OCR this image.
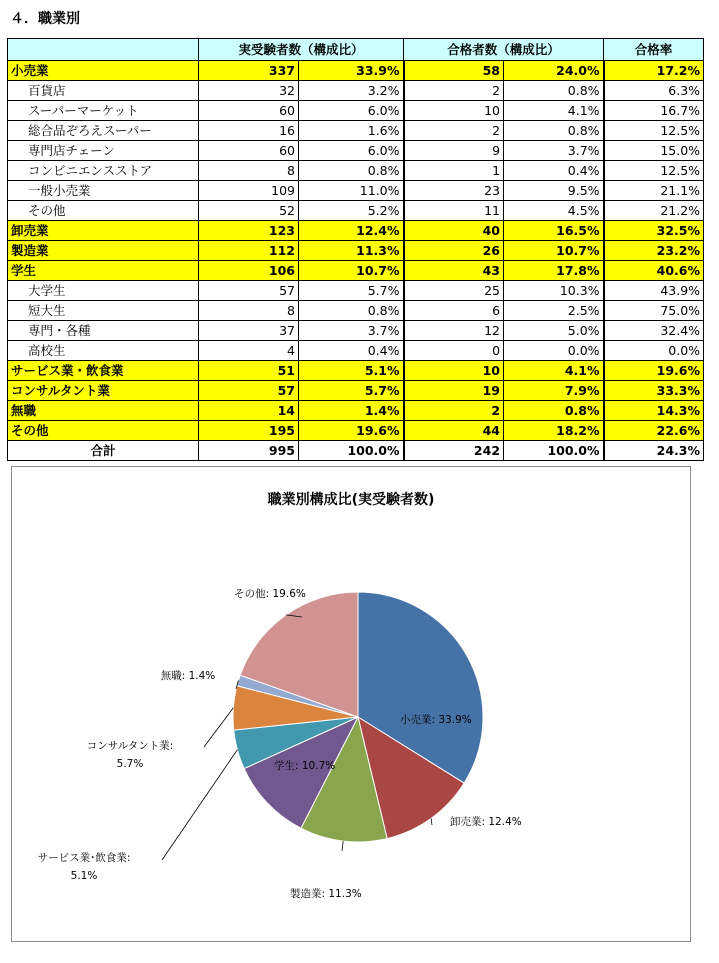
４．職業別
	実受験者数（構成比）		合格者数（構成比）		合格率
小売業	337	33.9%	58	24.0%	17.2%
百貨店	32	3.2%	2	0.8%	6.3%
スーパーマーケット	60	6.0%	10	4.1%	16.7%
総合品ぞろえスーパー	16	1.6%	2	0.8%	12.5%
専門店チェーン	60	6.0%	9	3.7%	15.0%
コンビニエンスストア	8	0.8%	1	0.4%	12.5%
一般小売業	109	11.0%	23	9.5%	21.1%
その他	52	5.2%	11	4.5%	21.2%
卸売業	123	12.4%	40	16.5%	32.5%
製造業	112	11.3%	26	10.7%	23.2%
学生	106	10.7%	43	17.8%	40.6%
大学生	57	5.7%	25	10.3%	43.9%
短大生	8	0.8%	6	2.5%	75.0%
専門・各種	37	3.7%	12	5.0%	32.4%
高校生	4	0.4%	0	0.0%	0.0%
サービス業・飲食業	51	5.1%	10	4.1%	19.6%
コンサルタント業	57	5.7%	19	7.9%	33.3%
無職	14	1.4%	2	0.8%	14.3%
その他	195	19.6%	44	18.2%	22.6%
合計	995	100.0%	242	100.0%	24.3%
職業別構成比(実受験者数)
小売業: 33.9%
卸売業: 12.4%
製造業: 11.3%
学生: 10.7%
サービス業･飲食業: 5.1%
コンサルタント業: 5.7%
無職: 1.4%
その他: 19.6%
